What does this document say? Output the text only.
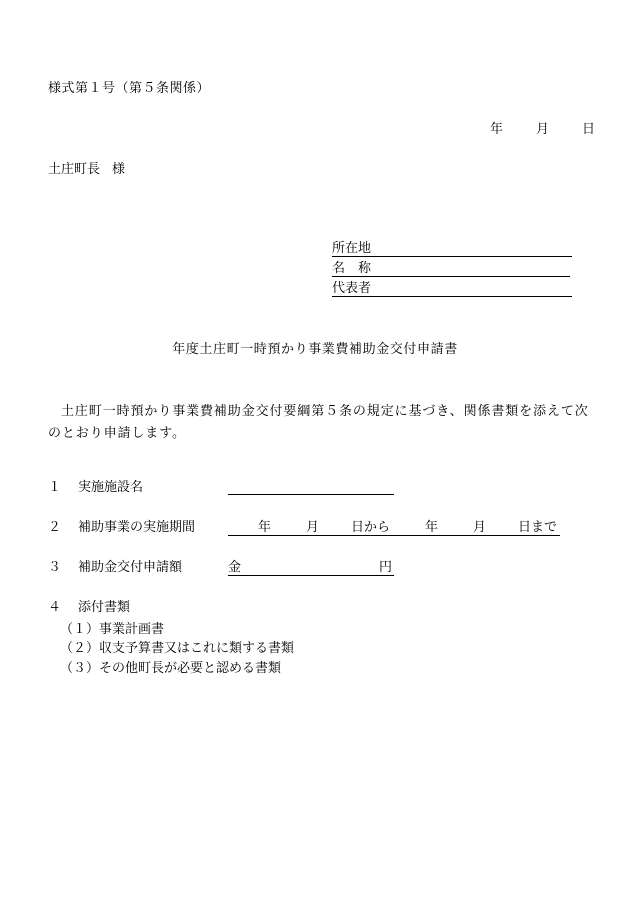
様式第１号（第５条関係）
年	月	日
土庄町長 様
所在地
名称
代表者
年度土庄町一時預かり事業費補助金交付申請書
土庄町一時預かり事業費補助金交付要綱第５条の規定に基づき、関係書類を添えて次のとおり申請します。
１ 実施施設名
２ 補助事業の実施期間	年	月 日から	年	月 日まで
３ 補助金交付申請額	金	円
４ 添付書類
（１）事業計画書
（２）収支予算書又はこれに類する書類
（３）その他町長が必要と認める書類
